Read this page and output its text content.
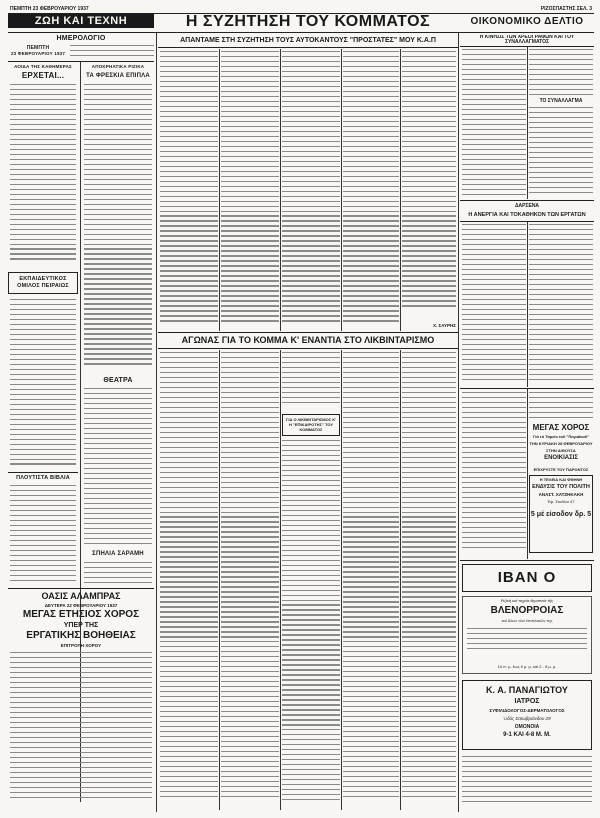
ΠΕΜΠΤΗ 23 ΦΕΒΡΟΥΑΡΙΟΥ 1937	ΡΙΖΟΣΠΑΣΤΗΣ ΣΕΛ. 3
ΖΩΗ ΚΑΙ ΤΕΧΝΗ	Η ΣΥΖΗΤΗΣΗ ΤΟΥ ΚΟΜΜΑΤΟΣ	ΟΙΚΟΝΟΜΙΚΟ ΔΕΛΤΙΟ
ΗΜΕΡΟΛΟΓΙΟ
ΠΕΜΠΤΗ
23 ΦΕΒΡΟΥΑΡΙΟΥ 1937
ΑΟΙΔΑ ΤΗΣ ΚΑΘΗΜΕΡΑΣ
ΕΡΧΕΤΑΙ...
ΑΠΟΚΡΗΑΤΙΚΑ ΡΙΖΙΚΑ
ΤΑ ΦΡΕΣΚΙΑ ΕΠΙΠΛΑ
ΕΚΠΑΙΔΕΥΤΙΚΟΣ ΟΜΙΛΟΣ ΠΕΙΡΑΙΩΣ
ΘΕΑΤΡΑ
ΠΛΟΥΤΙΣΤΑ ΒΙΒΛΙΑ
ΣΠΗΛΙΑ ΣΑΡΑΜΗ
ΟΑΣΙΣ ΑΛΑΜΠΡΑΣ
ΔΕΥΤΕΡΑ 22 ΦΕΒΡΟΥΑΡΙΟΥ 1937
ΜΕΓΑΣ ΕΤΗΣΙΟΣ ΧΟΡΟΣ
ΥΠΕΡ ΤΗΣ
ΕΡΓΑΤΙΚΗΣ ΒΟΗΘΕΙΑΣ
ΕΠΙΤΡΟΠΗ ΧΟΡΟΥ
ΑΠΑΝΤΑΜΕ ΣΤΗ ΣΥΖΗΤΗΣΗ ΤΟΥΣ ΑΥΤΟΚΑΝΤΟΥΣ "ΠΡΟΣΤΑΤΕΣ" ΜΟΥ Κ.Α.Π
Χ. ΣΑΥΡΗΣ
ΑΓΩΝΑΣ ΓΙΑ ΤΟ ΚΟΜΜΑ Κ' ΕΝΑΝΤΙΑ ΣΤΟ ΛΙΚΒΙΝΤΑΡΙΣΜΟ
ΓΙΑ Ο ΛΙΚΒΙΝΤΑΡΙΣΜΟΣ Κ' Η "ΕΠΙΚΑΙΡΟΤΗΣ" ΤΟΥ ΚΟΜΜΑΤΟΣ
Η ΚΙΝΗΣΙΣ ΤΩΝ ΧΡΕΟΓΡΑΦΩΝ ΚΑΙ ΤΟΥ ΣΥΝΑΛΛΑΓΜΑΤΟΣ
ΤΟ ΣΥΝΑΛΛΑΓΜΑ
ΔΑΡΣΕΝΑ
Η ΑΝΕΡΓΙΑ ΚΑΙ ΤΟΚΑΘΗΚΟΝ ΤΩΝ ΕΡΓΑΤΩΝ
ΜΕΓΑΣ ΧΟΡΟΣ
Γιά τό Ταμείο τοῦ "Πειραϊκοῦ"
ΤΗΝ ΚΥΡΙΑΚΗ 28 ΦΕΒΡΟΥΑΡΙΟΥ
ΣΤΗΝ ΑΙΘΟΥΣΑ
ΕΝΟΙΚΙΑΣΙΣ
ΕΠΙΧΡΥΣΤΕ ΤΟΥ ΠΑΡΟΝΤΟΣ
Η ΤΕΛΕΙΑ ΚΑΙ ΦΘΗΝΗ
ΕΝΔΥΣΙΣ ΤΟΥ ΠΟΛΙΤΗ
ΑΝΑΣΤ. ΧΑΤΖΗΚΑΚΗ
Ἐφ. Σταδίου 47
5 μέ είσοδον δρ. 5
ΙΒΑΝ Ο
Ριζικὴ καὶ ταχεία θεραπεία τῆς
ΒΛΕΝΟΡΡΟΙΑΣ
καὶ ὅλων τῶν ἐπιπλοκῶν της
10 π. μ. ἔως 9 μ. μ. καὶ 2 - 8 μ. μ.
Κ. Α. ΠΑΝΑΓΙΩΤΟΥ
ΙΑΤΡΟΣ
ΣΥΦΙΛΙΔΟΛΟΓΟΣ-ΔΕΡΜΑΤΟΛΟΓΟΣ
Ὁδὸς Σατωβριάνδου 29
ΟΜΟΝΟΙΑ
9-1 ΚΑΙ 4-8 Μ. Μ.
